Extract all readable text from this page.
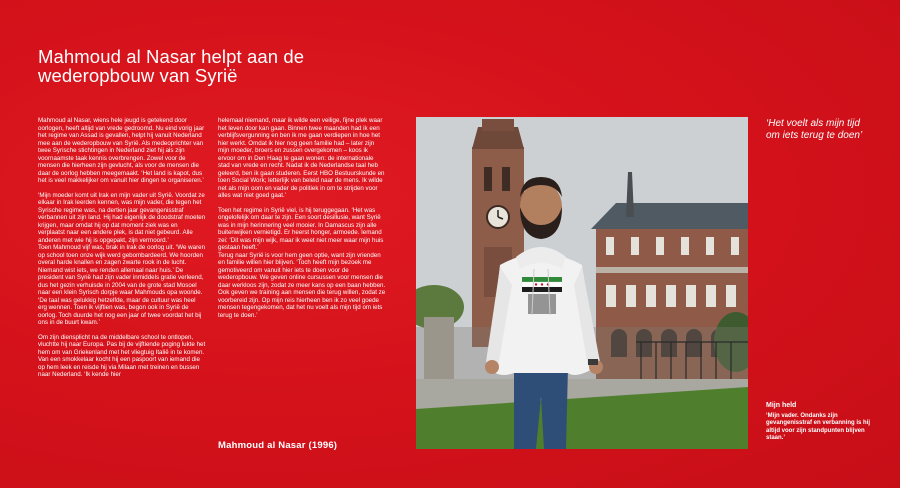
Mahmoud al Nasar helpt aan de wederopbouw van Syrië

Mahmoud al Nasar, wiens hele jeugd is getekend door oorlogen, heeft altijd van vrede gedroomd. Nu eind vorig jaar het regime van Assad is gevallen, helpt hij vanuit Nederland mee aan de wederopbouw van Syrië. Als medeoprichter van twee Syrische stichtingen in Nederland ziet hij als zijn voornaamste taak kennis overbrengen. Zowel voor de mensen die hierheen zijn gevlucht, als voor de mensen die daar de oorlog hebben meegemaakt. ‘Het land is kapot, dus het is veel makkelijker om vanuit hier dingen te organiseren.’

‘Mijn moeder komt uit Irak en mijn vader uit Syrië. Voordat ze elkaar in Irak leerden kennen, was mijn vader, die tegen het Syrische regime was, na dertien jaar gevangenisstraf verbannen uit zijn land. Hij had eigenlijk de doodstraf moeten krijgen, maar omdat hij op dat moment ziek was en verplaatst naar een andere plek, is dat niet gebeurd. Alle anderen met wie hij is opgepakt, zijn vermoord.’
Toen Mahmoud vijf was, brak in Irak de oorlog uit. ‘We waren op school toen onze wijk werd gebombardeerd. We hoorden overal harde knallen en zagen zwarte rook in de lucht. Niemand wist iets, we renden allemaal naar huis.’ De president van Syrië had zijn vader inmiddels gratie verleend, dus het gezin verhuisde in 2004 van de grote stad Mosoel naar een klein Syrisch dorpje waar Mahmouds opa woonde. ‘De taal was gelukkig hetzelfde, maar de cultuur was heel erg wennen. Toen ik vijftien was, begon ook in Syrië de oorlog. Toch duurde het nog een jaar of twee voordat het bij ons in de buurt kwam.’

Om zijn diensplicht na de middelbare school te ontlopen, vluchtte hij naar Europa. Pas bij de vijftiende poging lukte het hem om van Griekenland met het vliegtuig Italië in te komen. Van een smokkelaar kocht hij een paspoort van iemand die op hem leek en reisde hij via Milaan met treinen en bussen naar Nederland. ‘Ik kende hier

helemaal niemand, maar ik wilde een veilige, fijne plek waar het leven door kan gaan. Binnen twee maanden had ik een verblijfsvergunning en ben ik me gaan verdiepen in hoe het hier werkt. Omdat ik hier nog geen familie had – later zijn mijn moeder, broers en zussen overgekomen – koos ik ervoor om in Den Haag te gaan wonen: de internationale stad van vrede en recht. Nadat ik de Nederlandse taal heb geleerd, ben ik gaan studeren. Eerst HBO Bestuurskunde en toen Social Work; letterlijk van beleid naar de mens. Ik wilde net als mijn oom en vader de politiek in om te strijden voor alles wat niet goed gaat.’

Toen het regime in Syrië viel, is hij teruggegaan. ‘Het was ongelofelijk om daar te zijn. Een soort desillusie, want Syrië was in mijn herinnering veel mooier. In Damascus zijn alle buitenwijken vernietigd. Er heerst honger, armoede. Iemand zei: ‘Dit was mijn wijk, maar ik weet niet meer waar mijn huis gestaan heeft.’
Terug naar Syrië is voor hem geen optie, want zijn vrienden en familie willen hier blijven. ‘Toch heeft mijn bezoek me gemotiveerd om vanuit hier iets te doen voor de wederopbouw. We geven online cursussen voor mensen die daar werkloos zijn, zodat ze meer kans op een baan hebben. Ook geven we training aan mensen die terug willen, zodat ze voorbereid zijn. Op mijn reis hierheen ben ik zo veel goede mensen tegengekomen, dat het nu voelt als mijn tijd om iets terug te doen.’

Mahmoud al Nasar (1996)
‘Het voelt als mijn tijd om iets terug te doen’
Mijn held
‘Mijn vader. Ondanks zijn gevangenisstraf en verbanning is hij altijd voor zijn standpunten blijven staan.’
